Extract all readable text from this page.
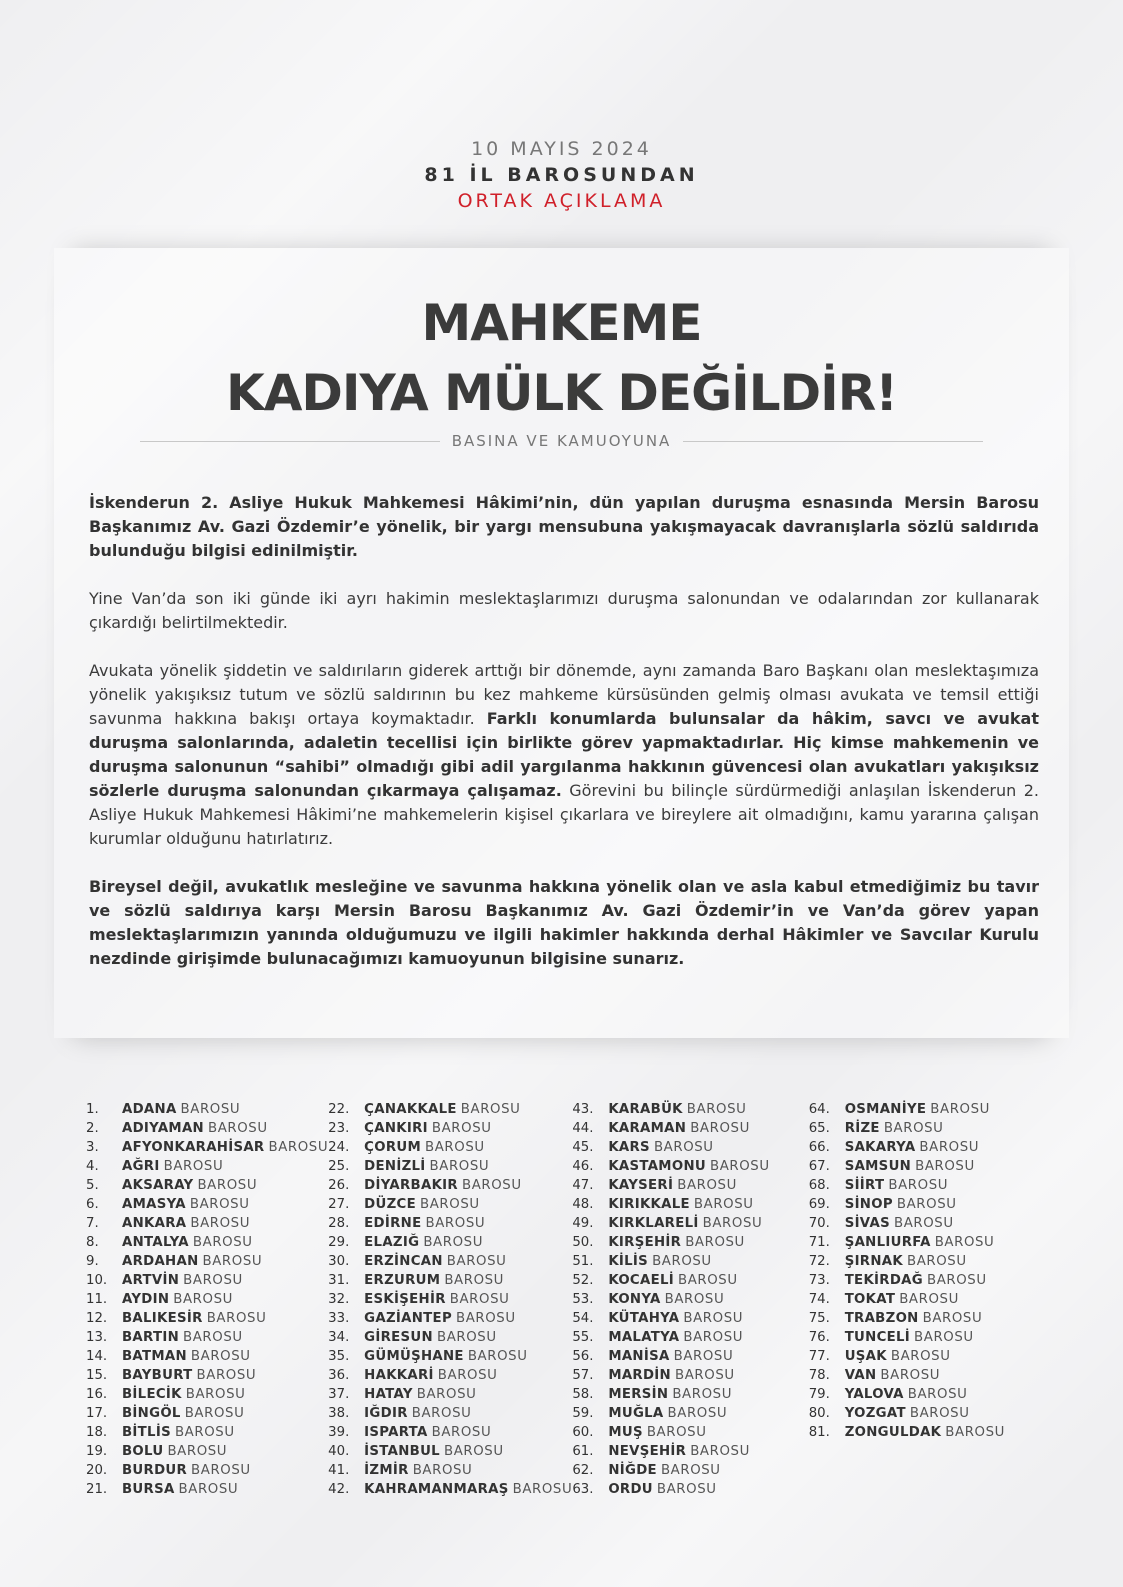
10 MAYIS 2024
81 İL BAROSUNDAN
ORTAK AÇIKLAMA
MAHKEME
KADIYA MÜLK DEĞİLDİR!
BASINA VE KAMUOYUNA

İskenderun 2. Asliye Hukuk Mahkemesi Hâkimi’nin, dün yapılan duruşma esnasında Mersin Barosu Başkanımız Av. Gazi Özdemir’e yönelik, bir yargı mensubuna yakışmayacak davranışlarla sözlü saldırıda bulunduğu bilgisi edinilmiştir.

Yine Van’da son iki günde iki ayrı hakimin meslektaşlarımızı duruşma salonundan ve odalarından zor kullanarak çıkardığı belirtilmektedir.

Avukata yönelik şiddetin ve saldırıların giderek arttığı bir dönemde, aynı zamanda Baro Başkanı olan meslektaşımıza yönelik yakışıksız tutum ve sözlü saldırının bu kez mahkeme kürsüsünden gelmiş olması avukata ve temsil ettiği savunma hakkına bakışı ortaya koymaktadır. Farklı konumlarda bulunsalar da hâkim, savcı ve avukat duruşma salonlarında, adaletin tecellisi için birlikte görev yapmaktadırlar. Hiç kimse mahkemenin ve duruşma salonunun “sahibi” olmadığı gibi adil yargılanma hakkının güvencesi olan avukatları yakışıksız sözlerle duruşma salonundan çıkarmaya çalışamaz. Görevini bu bilinçle sürdürmediği anlaşılan İskenderun 2. Asliye Hukuk Mahkemesi Hâkimi’ne mahkemelerin kişisel çıkarlara ve bireylere ait olmadığını, kamu yararına çalışan kurumlar olduğunu hatırlatırız.

Bireysel değil, avukatlık mesleğine ve savunma hakkına yönelik olan ve asla kabul etmediğimiz bu tavır ve sözlü saldırıya karşı Mersin Barosu Başkanımız Av. Gazi Özdemir’in ve Van’da görev yapan meslektaşlarımızın yanında olduğumuzu ve ilgili hakimler hakkında derhal Hâkimler ve Savcılar Kurulu nezdinde girişimde bulunacağımızı kamuoyunun bilgisine sunarız.

1.	ADANA BAROSU
2.	ADIYAMAN BAROSU
3.	AFYONKARAHİSAR BAROSU
4.	AĞRI BAROSU
5.	AKSARAY BAROSU
6.	AMASYA BAROSU
7.	ANKARA BAROSU
8.	ANTALYA BAROSU
9.	ARDAHAN BAROSU
10.	ARTVİN BAROSU
11.	AYDIN BAROSU
12.	BALIKESİR BAROSU
13.	BARTIN BAROSU
14.	BATMAN BAROSU
15.	BAYBURT BAROSU
16.	BİLECİK BAROSU
17.	BİNGÖL BAROSU
18.	BİTLİS BAROSU
19.	BOLU BAROSU
20.	BURDUR BAROSU
21.	BURSA BAROSU
22.	ÇANAKKALE BAROSU
23.	ÇANKIRI BAROSU
24.	ÇORUM BAROSU
25.	DENİZLİ BAROSU
26.	DİYARBAKIR BAROSU
27.	DÜZCE BAROSU
28.	EDİRNE BAROSU
29.	ELAZIĞ BAROSU
30.	ERZİNCAN BAROSU
31.	ERZURUM BAROSU
32.	ESKİŞEHİR BAROSU
33.	GAZİANTEP BAROSU
34.	GİRESUN BAROSU
35.	GÜMÜŞHANE BAROSU
36.	HAKKARİ BAROSU
37.	HATAY BAROSU
38.	IĞDIR BAROSU
39.	ISPARTA BAROSU
40.	İSTANBUL BAROSU
41.	İZMİR BAROSU
42.	KAHRAMANMARAŞ BAROSU
43.	KARABÜK BAROSU
44.	KARAMAN BAROSU
45.	KARS BAROSU
46.	KASTAMONU BAROSU
47.	KAYSERİ BAROSU
48.	KIRIKKALE BAROSU
49.	KIRKLARELİ BAROSU
50.	KIRŞEHİR BAROSU
51.	KİLİS BAROSU
52.	KOCAELİ BAROSU
53.	KONYA BAROSU
54.	KÜTAHYA BAROSU
55.	MALATYA BAROSU
56.	MANİSA BAROSU
57.	MARDİN BAROSU
58.	MERSİN BAROSU
59.	MUĞLA BAROSU
60.	MUŞ BAROSU
61.	NEVŞEHİR BAROSU
62.	NİĞDE BAROSU
63.	ORDU BAROSU
64.	OSMANİYE BAROSU
65.	RİZE BAROSU
66.	SAKARYA BAROSU
67.	SAMSUN BAROSU
68.	SİİRT BAROSU
69.	SİNOP BAROSU
70.	SİVAS BAROSU
71.	ŞANLIURFA BAROSU
72.	ŞIRNAK BAROSU
73.	TEKİRDAĞ BAROSU
74.	TOKAT BAROSU
75.	TRABZON BAROSU
76.	TUNCELİ BAROSU
77.	UŞAK BAROSU
78.	VAN BAROSU
79.	YALOVA BAROSU
80.	YOZGAT BAROSU
81.	ZONGULDAK BAROSU
